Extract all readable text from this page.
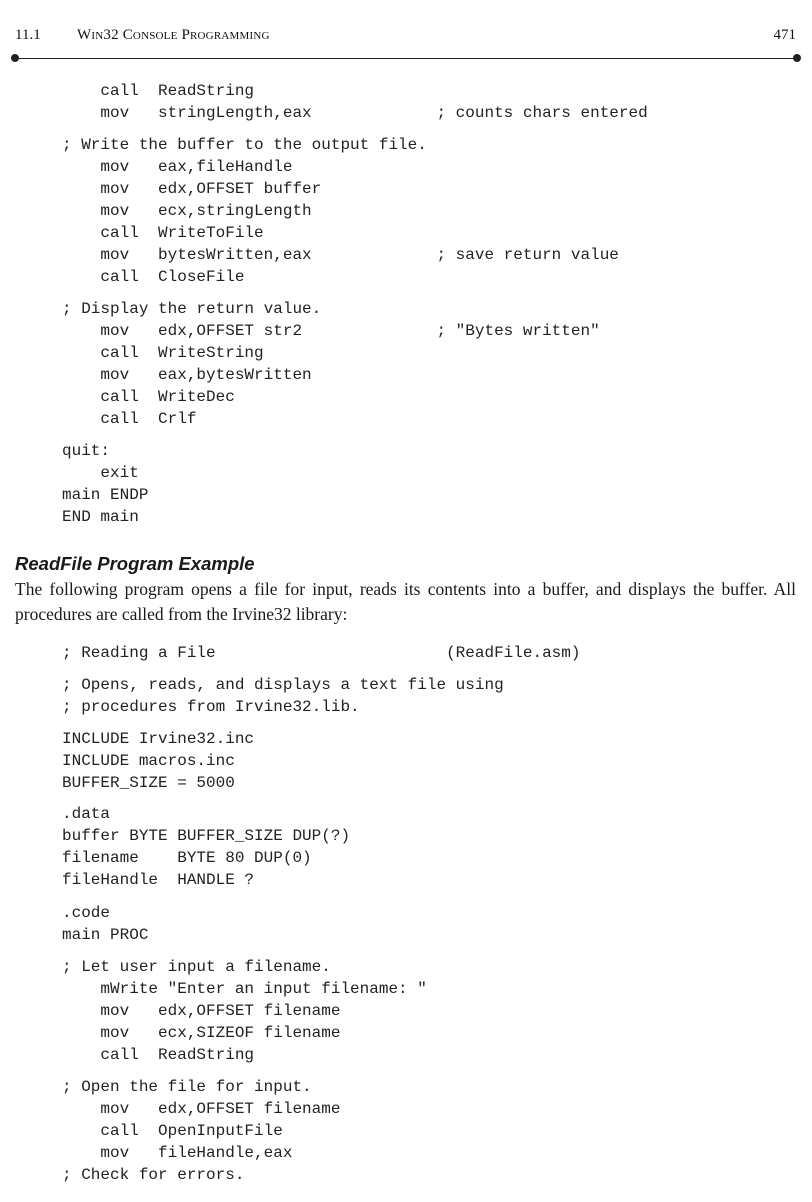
11.1 Win32 Console Programming	471
call  ReadString
mov   stringLength,eax             ; counts chars entered
; Write the buffer to the output file.
mov   eax,fileHandle
mov   edx,OFFSET buffer
mov   ecx,stringLength
call  WriteToFile
mov   bytesWritten,eax             ; save return value
call  CloseFile
; Display the return value.
mov   edx,OFFSET str2              ; "Bytes written"
call  WriteString
mov   eax,bytesWritten
call  WriteDec
call  Crlf
quit:
exit
main ENDP
END main
ReadFile Program Example
The following program opens a file for input, reads its contents into a buffer, and displays the buffer. All procedures are called from the Irvine32 library:
; Reading a File                        (ReadFile.asm)
; Opens, reads, and displays a text file using
; procedures from Irvine32.lib.
INCLUDE Irvine32.inc
INCLUDE macros.inc
BUFFER_SIZE = 5000
.data
buffer BYTE BUFFER_SIZE DUP(?)
filename    BYTE 80 DUP(0)
fileHandle  HANDLE ?
.code
main PROC
; Let user input a filename.
mWrite "Enter an input filename: "
mov   edx,OFFSET filename
mov   ecx,SIZEOF filename
call  ReadString
; Open the file for input.
mov   edx,OFFSET filename
call  OpenInputFile
mov   fileHandle,eax
; Check for errors.
